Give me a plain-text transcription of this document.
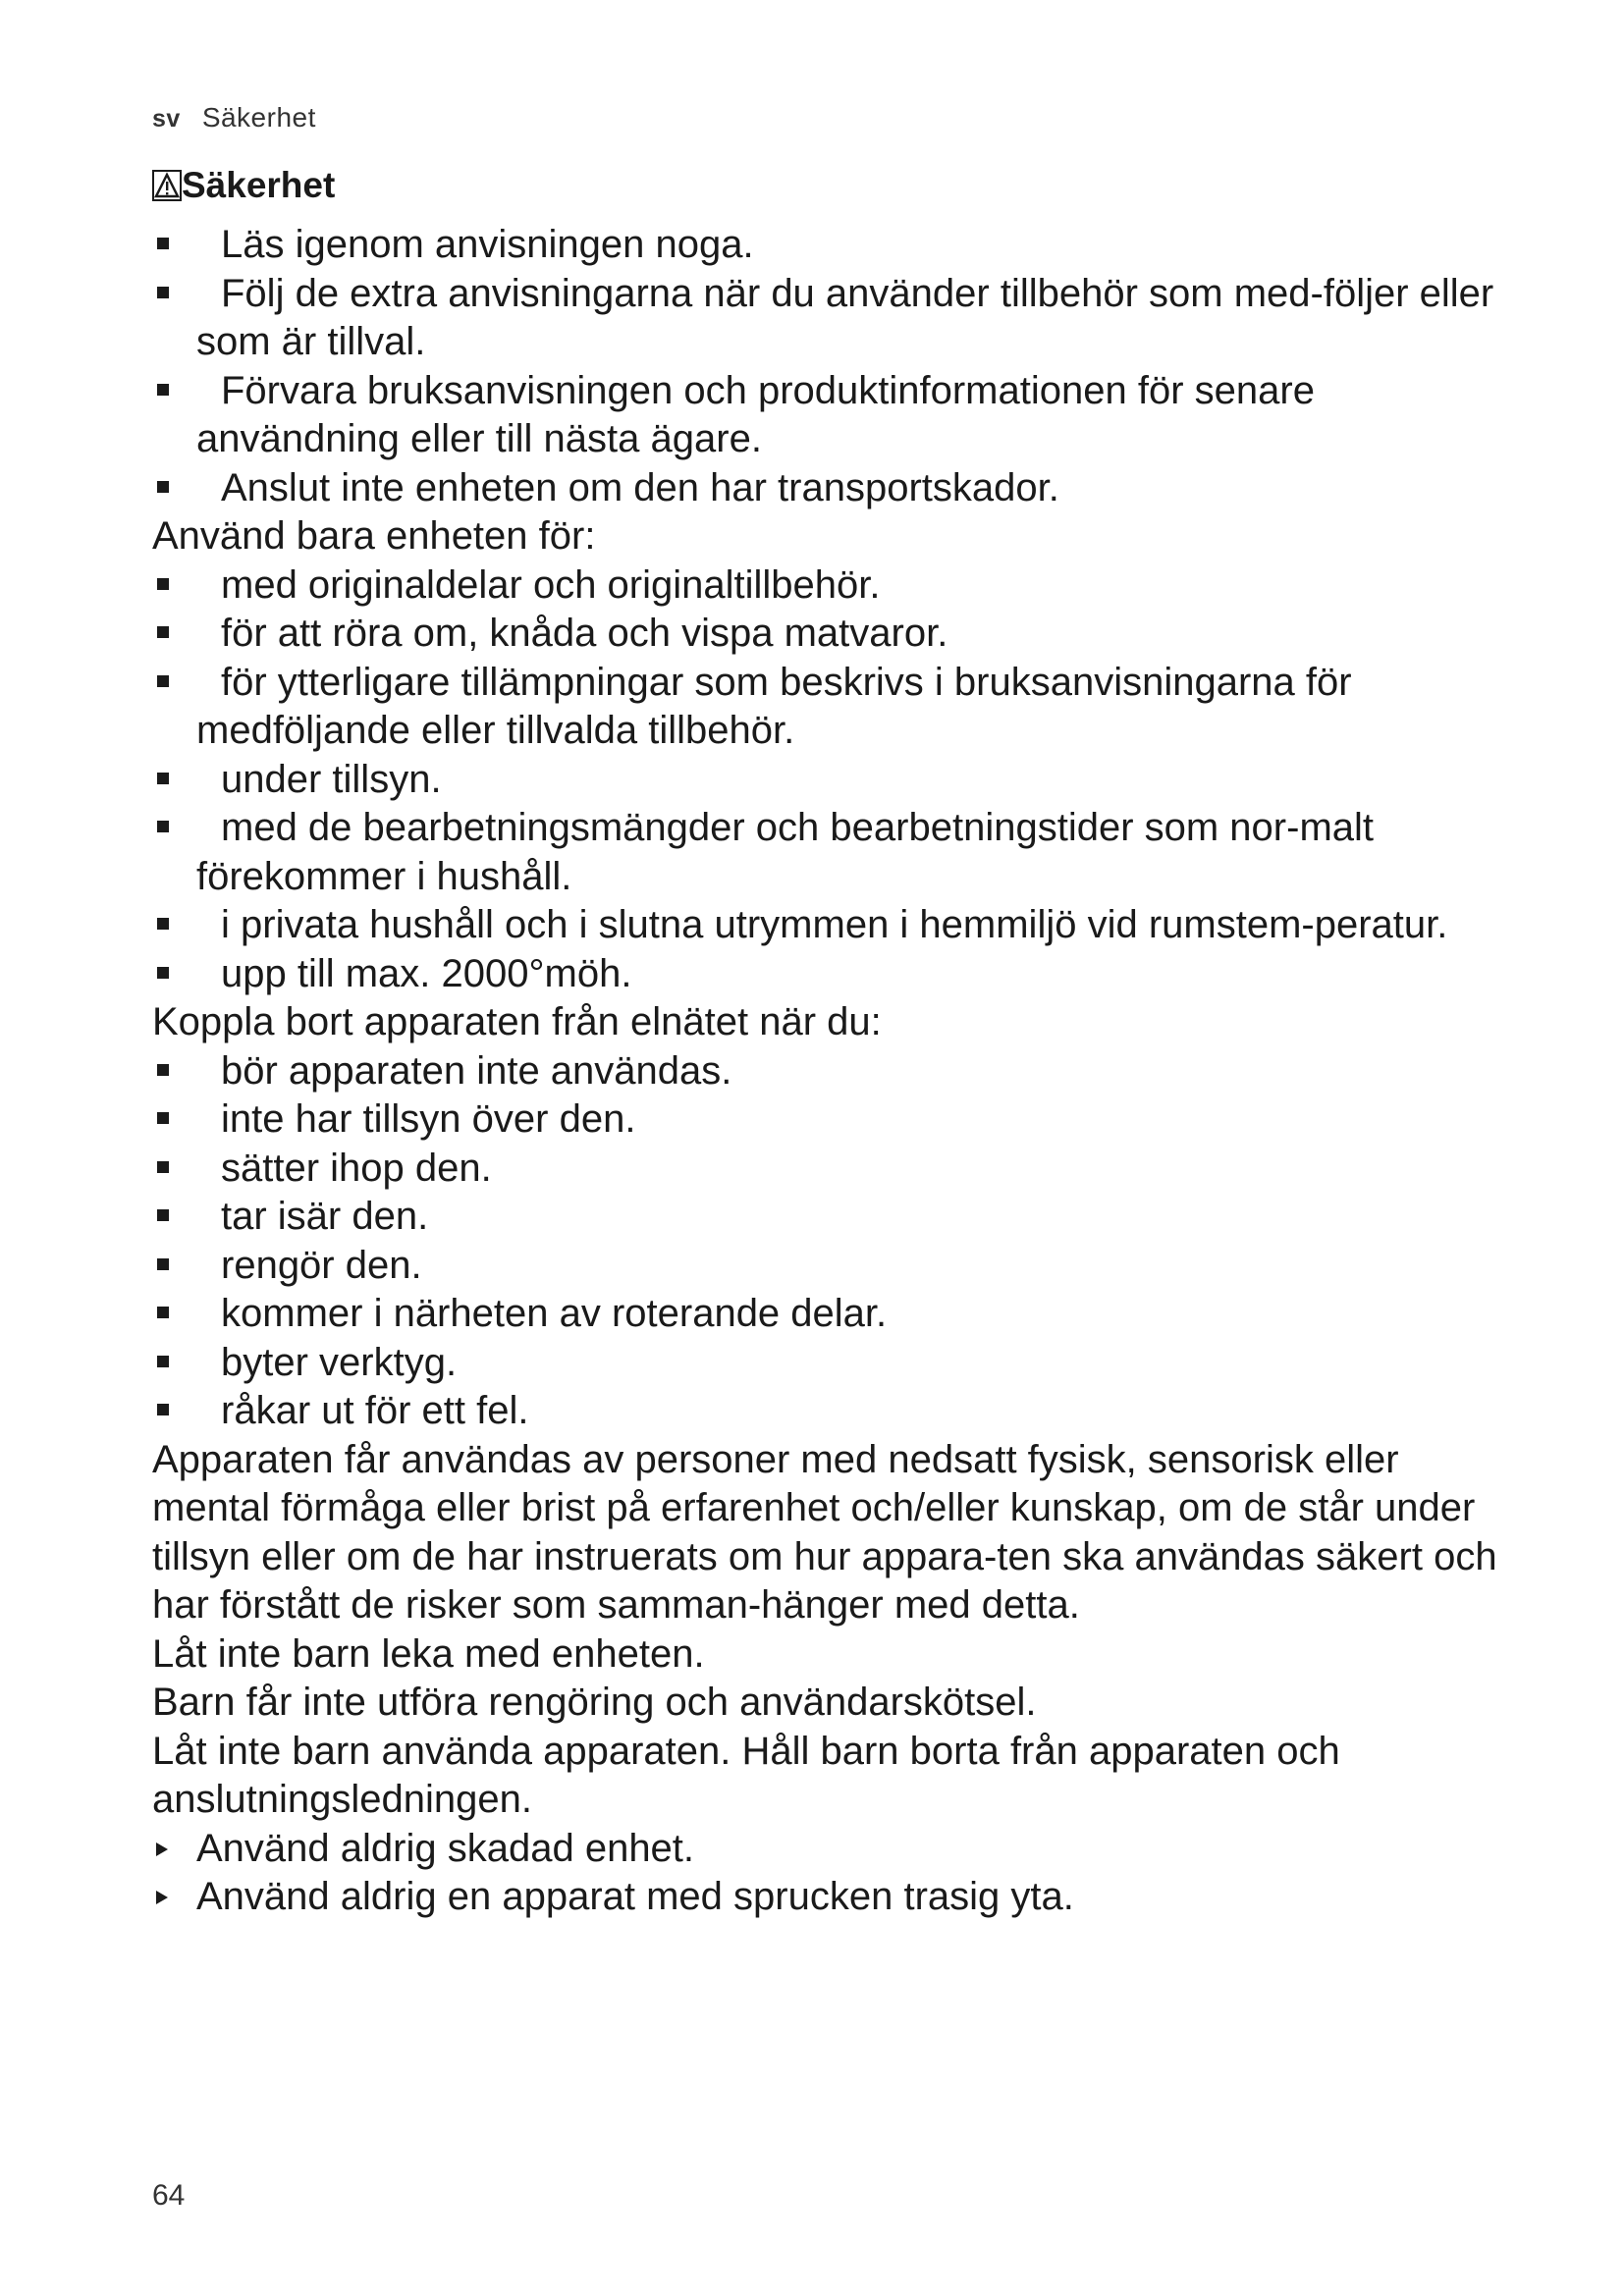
sv Säkerhet
Säkerhet
Läs igenom anvisningen noga.
Följ de extra anvisningarna när du använder tillbehör som med-följer eller som är tillval.
Förvara bruksanvisningen och produktinformationen för senare användning eller till nästa ägare.
Anslut inte enheten om den har transportskador.

Använd bara enheten för:

med originaldelar och originaltillbehör.
för att röra om, knåda och vispa matvaror.
för ytterligare tillämpningar som beskrivs i bruksanvisningarna för medföljande eller tillvalda tillbehör.
under tillsyn.
med de bearbetningsmängder och bearbetningstider som nor-malt förekommer i hushåll.
i privata hushåll och i slutna utrymmen i hemmiljö vid rumstem-peratur.
upp till max. 2000°möh.

Koppla bort apparaten från elnätet när du:

bör apparaten inte användas.
inte har tillsyn över den.
sätter ihop den.
tar isär den.
rengör den.
kommer i närheten av roterande delar.
byter verktyg.
råkar ut för ett fel.

Apparaten får användas av personer med nedsatt fysisk, sensorisk eller mental förmåga eller brist på erfarenhet och/eller kunskap, om de står under tillsyn eller om de har instruerats om hur appara-ten ska användas säkert och har förstått de risker som samman-hänger med detta.

Låt inte barn leka med enheten.

Barn får inte utföra rengöring och användarskötsel.

Låt inte barn använda apparaten. Håll barn borta från apparaten och anslutningsledningen.

Använd aldrig skadad enhet.
Använd aldrig en apparat med sprucken trasig yta.
64
